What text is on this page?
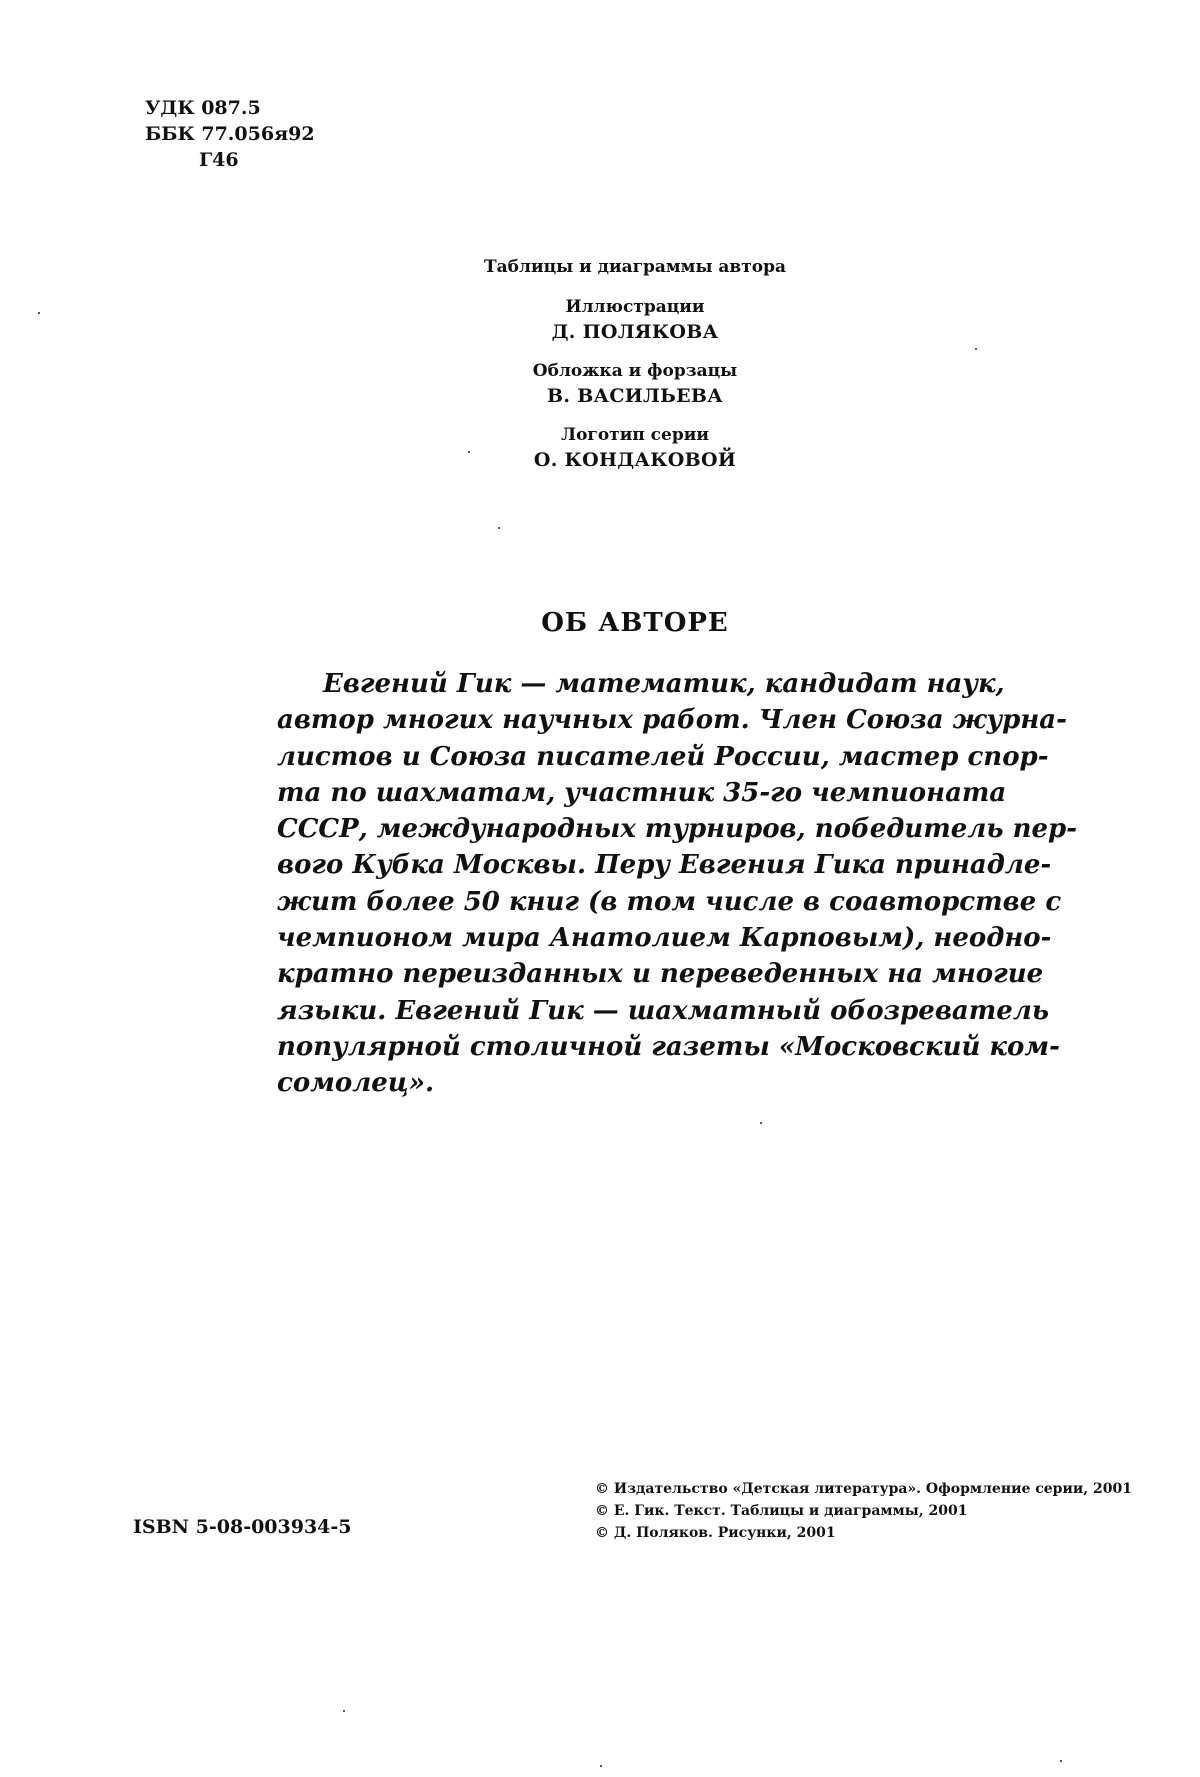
УДК 087.5
ББК 77.056я92
Г46
Таблицы и диаграммы автора
Иллюстрации
Д. ПОЛЯКОВА
Обложка и форзацы
В. ВАСИЛЬЕВА
Логотип серии
О. КОНДАКОВОЙ
ОБ АВТОРЕ
Евгений Гик — математик, кандидат наук,
автор многих научных работ. Член Союза журна-
листов и Союза писателей России, мастер спор-
та по шахматам, участник 35-го чемпионата
СССР, международных турниров, победитель пер-
вого Кубка Москвы. Перу Евгения Гика принадле-
жит более 50 книг (в том числе в соавторстве с
чемпионом мира Анатолием Карповым), неодно-
кратно переизданных и переведенных на многие
языки. Евгений Гик — шахматный обозреватель
популярной столичной газеты «Московский ком-
сомолец».
ISBN 5-08-003934-5
© Издательство «Детская литература». Оформление серии, 2001
© Е. Гик. Текст. Таблицы и диаграммы, 2001
© Д. Поляков. Рисунки, 2001
